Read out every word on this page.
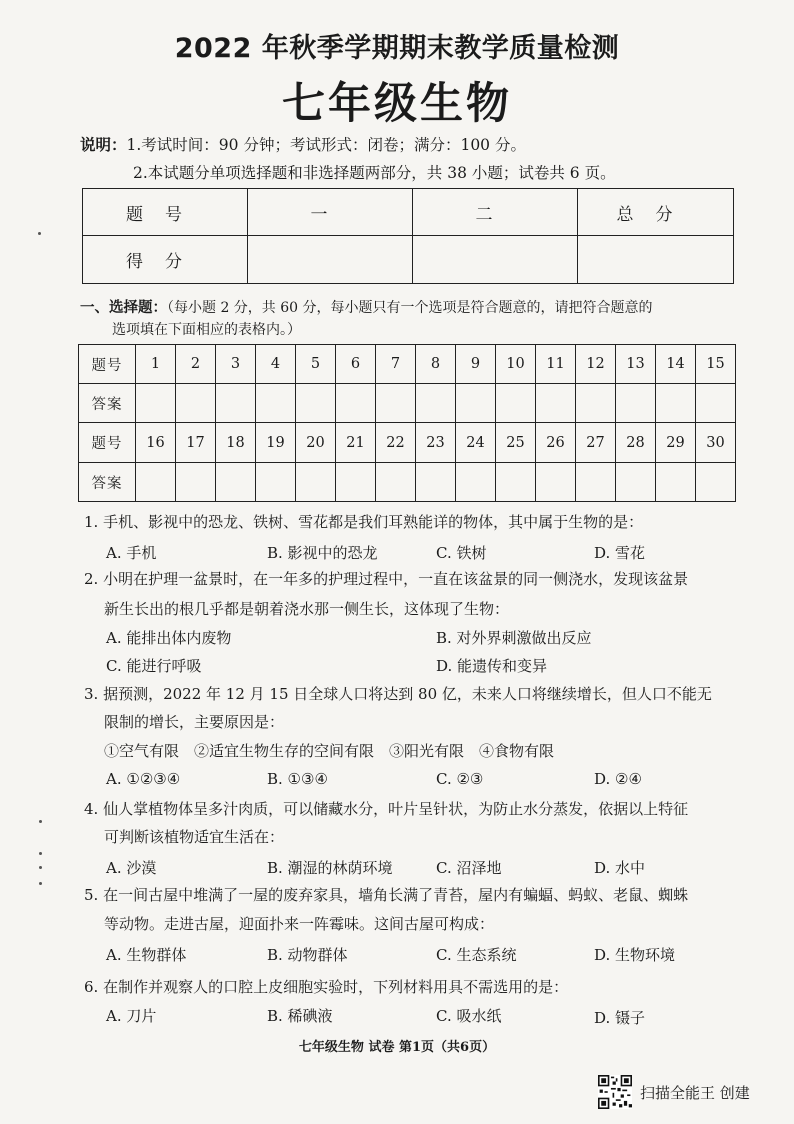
2022 年秋季学期期末教学质量检测
七年级生物
说明：1.考试时间：90 分钟；考试形式：闭卷；满分：100 分。
2.本试题分单项选择题和非选择题两部分，共 38 小题；试卷共 6 页。
题号	一	二	总分
得分			
一、选择题：（每小题 2 分，共 60 分，每小题只有一个选项是符合题意的，请把符合题意的
选项填在下面相应的表格内。）
题号	1	2	3	4	5	6	7	8	9	10	11	12	13	14	15
答案															
题号	16	17	18	19	20	21	22	23	24	25	26	27	28	29	30
答案															
1. 手机、影视中的恐龙、铁树、雪花都是我们耳熟能详的物体，其中属于生物的是：
A. 手机	B. 影视中的恐龙	C. 铁树	D. 雪花
2. 小明在护理一盆景时，在一年多的护理过程中，一直在该盆景的同一侧浇水，发现该盆景
新生长出的根几乎都是朝着浇水那一侧生长，这体现了生物：
A. 能排出体内废物	B. 对外界刺激做出反应
C. 能进行呼吸	D. 能遗传和变异
3. 据预测，2022 年 12 月 15 日全球人口将达到 80 亿，未来人口将继续增长，但人口不能无
限制的增长，主要原因是：
①空气有限　②适宜生物生存的空间有限　③阳光有限　④食物有限
A. ①②③④	B. ①③④	C. ②③	D. ②④
4. 仙人掌植物体呈多汁肉质，可以储藏水分，叶片呈针状，为防止水分蒸发，依据以上特征
可判断该植物适宜生活在：
A. 沙漠	B. 潮湿的林荫环境	C. 沼泽地	D. 水中
5. 在一间古屋中堆满了一屋的废弃家具，墙角长满了青苔，屋内有蝙蝠、蚂蚁、老鼠、蜘蛛
等动物。走进古屋，迎面扑来一阵霉味。这间古屋可构成：
A. 生物群体	B. 动物群体	C. 生态系统	D. 生物环境
6. 在制作并观察人的口腔上皮细胞实验时，下列材料用具不需选用的是：
A. 刀片	B. 稀碘液	C. 吸水纸	D. 镊子
七年级生物 试卷 第1页（共6页）
扫描全能王 创建
